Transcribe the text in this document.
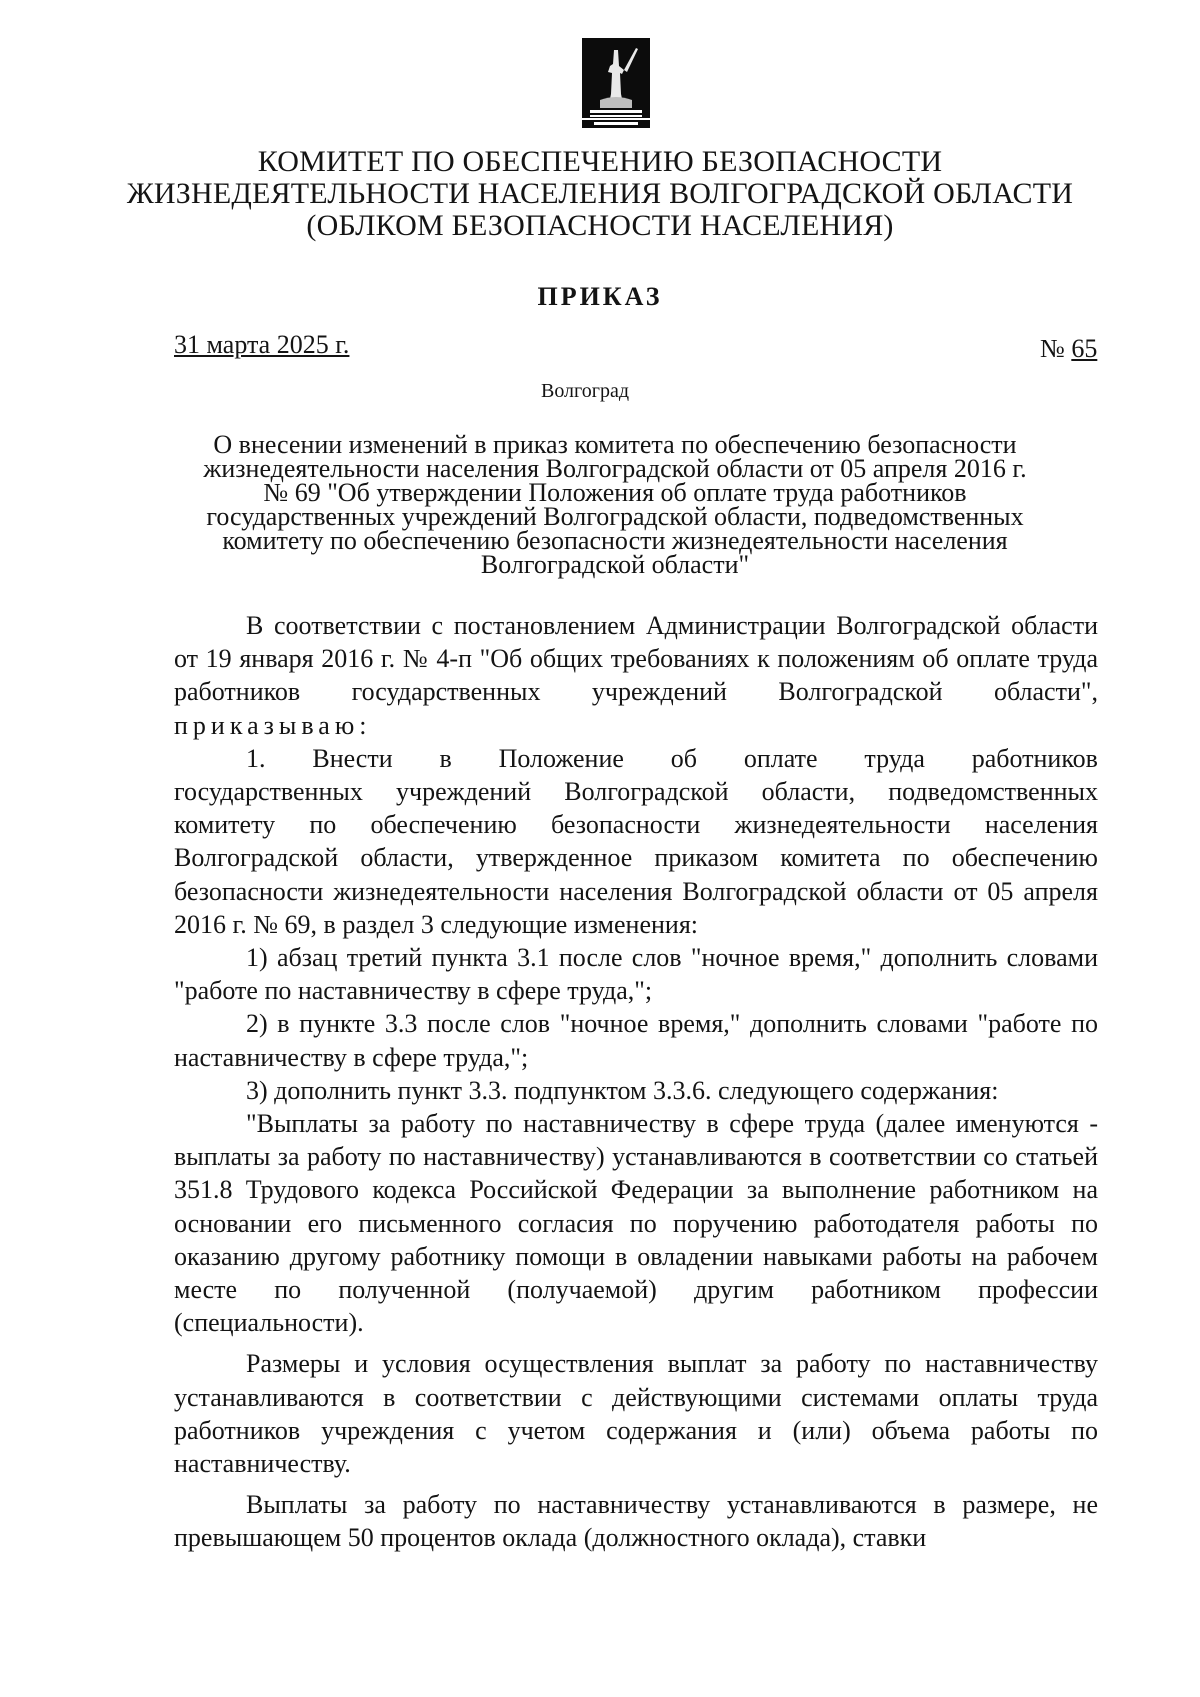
КОМИТЕТ ПО ОБЕСПЕЧЕНИЮ БЕЗОПАСНОСТИ
ЖИЗНЕДЕЯТЕЛЬНОСТИ НАСЕЛЕНИЯ ВОЛГОГРАДСКОЙ ОБЛАСТИ
(ОБЛКОМ БЕЗОПАСНОСТИ НАСЕЛЕНИЯ)
ПРИКАЗ
31 марта 2025 г.	№ 65
Волгоград
О внесении изменений в приказ комитета по обеспечению безопасности
жизнедеятельности населения Волгоградской области от 05 апреля 2016 г.
№ 69 "Об утверждении Положения об оплате труда работников
государственных учреждений Волгоградской области, подведомственных
комитету по обеспечению безопасности жизнедеятельности населения
Волгоградской области"

В соответствии с постановлением Администрации Волгоградской области от 19 января 2016 г. № 4-п "Об общих требованиях к положениям об оплате труда работников государственных учреждений Волгоградской области", приказываю:

1. Внести в Положение об оплате труда работников

государственных учреждений Волгоградской области, подведомственных комитету по обеспечению безопасности жизнедеятельности населения Волгоградской области, утвержденное приказом комитета по обеспечению безопасности жизнедеятельности населения Волгоградской области от 05 апреля 2016 г. № 69, в раздел 3 следующие изменения:

1) абзац третий пункта 3.1 после слов "ночное время," дополнить словами "работе по наставничеству в сфере труда,";

2) в пункте 3.3 после слов "ночное время," дополнить словами "работе по наставничеству в сфере труда,";

3) дополнить пункт 3.3. подпунктом 3.3.6. следующего содержания:

"Выплаты за работу по наставничеству в сфере труда (далее именуются - выплаты за работу по наставничеству) устанавливаются в соответствии со статьей 351.8 Трудового кодекса Российской Федерации за выполнение работником на основании его письменного согласия по поручению работодателя работы по оказанию другому работнику помощи в овладении навыками работы на рабочем месте по полученной (получаемой) другим работником профессии (специальности).

Размеры и условия осуществления выплат за работу по наставничеству устанавливаются в соответствии с действующими системами оплаты труда работников учреждения с учетом содержания и (или) объема работы по наставничеству.

Выплаты за работу по наставничеству устанавливаются в размере, не превышающем 50 процентов оклада (должностного оклада), ставки
